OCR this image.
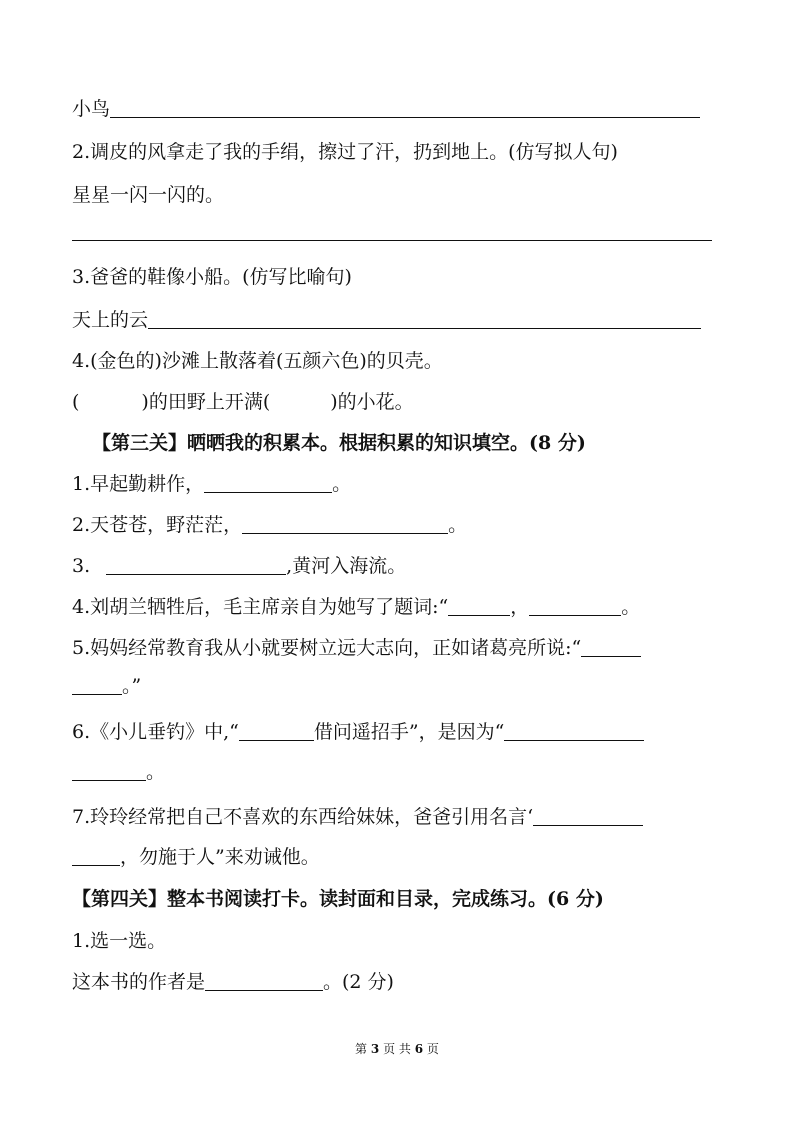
小鸟
2.调皮的风拿走了我的手绢，擦过了汗，扔到地上。(仿写拟人句)
星星一闪一闪的。
3.爸爸的鞋像小船。(仿写比喻句)
天上的云
4.(金色的)沙滩上散落着(五颜六色)的贝壳。
(	)的田野上开满(	)的小花。
【第三关】晒晒我的积累本。根据积累的知识填空。(8 分)
1.早起勤耕作，	。
2.天苍苍，野茫茫，	。
3.	,黄河入海流。
4.刘胡兰牺牲后，毛主席亲自为她写了题词:“	，	。
5.妈妈经常教育我从小就要树立远大志向，正如诸葛亮所说:“
。”
6.《小儿垂钓》中,“	借问遥招手”，是因为“
。
7.玲玲经常把自己不喜欢的东西给妹妹，爸爸引用名言‘
，勿施于人”来劝诫他。
【第四关】整本书阅读打卡。读封面和目录，完成练习。(6 分)
1.选一选。
这本书的作者是	。(2 分)
第 3 页 共 6 页
